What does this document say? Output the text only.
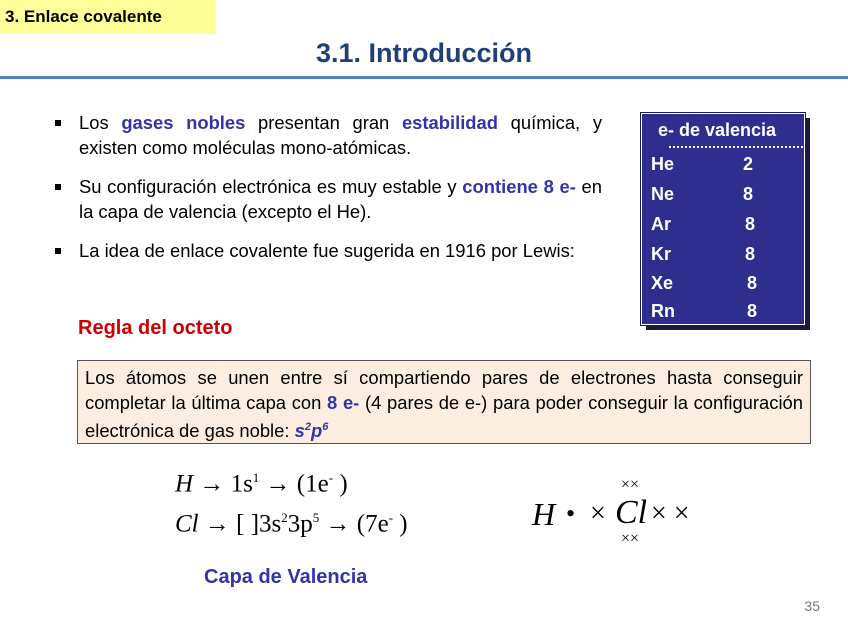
3. Enlace covalente
3.1. Introducción
Los gases nobles presentan gran estabilidad química, y existen como moléculas mono-atómicas.
Su configuración electrónica es muy estable y contiene 8 e- en la capa de valencia (excepto el He).
La idea de enlace covalente fue sugerida en 1916 por Lewis:
e- de valencia
He	2
Ne	8
Ar	8
Kr	8
Xe	8
Rn	8
Regla del octeto
Los átomos se unen entre sí compartiendo pares de electrones hasta conseguir completar la última capa con 8 e- (4 pares de e-) para poder conseguir la configuración electrónica de gas noble: $s^2p^6$
$H \to 1s^1 \to (1e^-$ )
Cl → [ ]$3s^23p^5 \to (7e^-$ )	H • × Cl
××
××
× ×
Capa de Valencia
35
